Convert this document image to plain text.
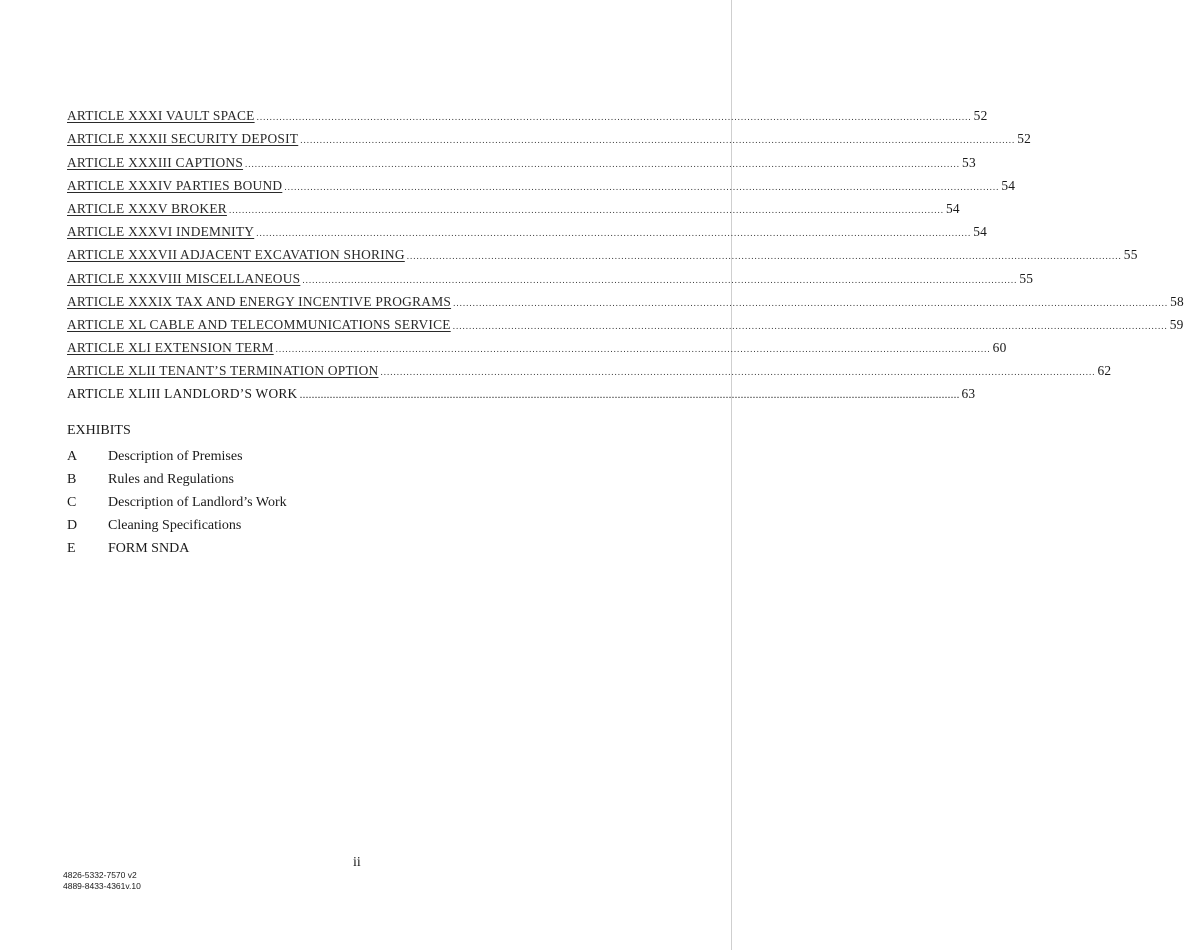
ARTICLE XXXI VAULT SPACE ............................................................................................................................................................................................................................ 52
ARTICLE XXXII SECURITY DEPOSIT ............................................................................................................................................................................................................................ 52
ARTICLE XXXIII CAPTIONS ............................................................................................................................................................................................................................ 53
ARTICLE XXXIV PARTIES BOUND ............................................................................................................................................................................................................................ 54
ARTICLE XXXV BROKER ............................................................................................................................................................................................................................ 54
ARTICLE XXXVI INDEMNITY ............................................................................................................................................................................................................................ 54
ARTICLE XXXVII ADJACENT EXCAVATION SHORING ............................................................................................................................................................................................................................ 55
ARTICLE XXXVIII MISCELLANEOUS ............................................................................................................................................................................................................................ 55
ARTICLE XXXIX TAX AND ENERGY INCENTIVE PROGRAMS ............................................................................................................................................................................................................................ 58
ARTICLE XL CABLE AND TELECOMMUNICATIONS SERVICE ............................................................................................................................................................................................................................ 59
ARTICLE XLI EXTENSION TERM ............................................................................................................................................................................................................................ 60
ARTICLE XLII TENANT’S TERMINATION OPTION ............................................................................................................................................................................................................................ 62
ARTICLE XLIII LANDLORD’S WORK ............................................................................................................................................................................................................................ 63
EXHIBITS
A	Description of Premises
B	Rules and Regulations
C	Description of Landlord’s Work
D	Cleaning Specifications
E	FORM SNDA
ii
4826-5332-7570 v2
4889-8433-4361v.10
